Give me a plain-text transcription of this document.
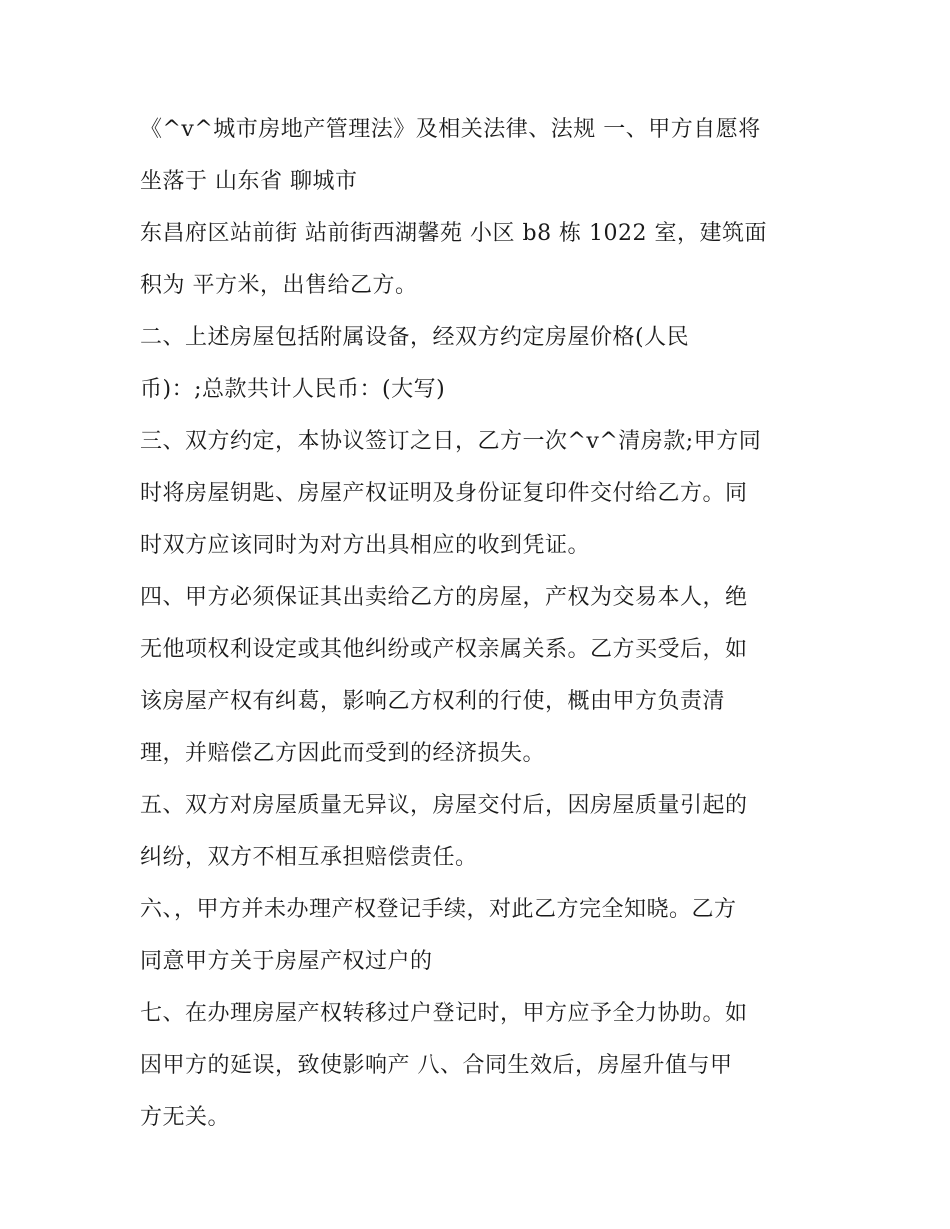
《^v^城市房地产管理法》及相关法律、法规 一、甲方自愿将
坐落于 山东省 聊城市
东昌府区站前街 站前街西湖馨苑 小区 b8 栋 1022 室，建筑面
积为 平方米，出售给乙方。
二、上述房屋包括附属设备，经双方约定房屋价格(人民
币)：;总款共计人民币：(大写)
三、双方约定，本协议签订之日，乙方一次^v^清房款;甲方同
时将房屋钥匙、房屋产权证明及身份证复印件交付给乙方。同
时双方应该同时为对方出具相应的收到凭证。
四、甲方必须保证其出卖给乙方的房屋，产权为交易本人，绝
无他项权利设定或其他纠纷或产权亲属关系。乙方买受后，如
该房屋产权有纠葛，影响乙方权利的行使，概由甲方负责清
理，并赔偿乙方因此而受到的经济损失。
五、双方对房屋质量无异议，房屋交付后，因房屋质量引起的
纠纷，双方不相互承担赔偿责任。
六、，甲方并未办理产权登记手续，对此乙方完全知晓。乙方
同意甲方关于房屋产权过户的
七、在办理房屋产权转移过户登记时，甲方应予全力协助。如
因甲方的延误，致使影响产 八、合同生效后，房屋升值与甲
方无关。
